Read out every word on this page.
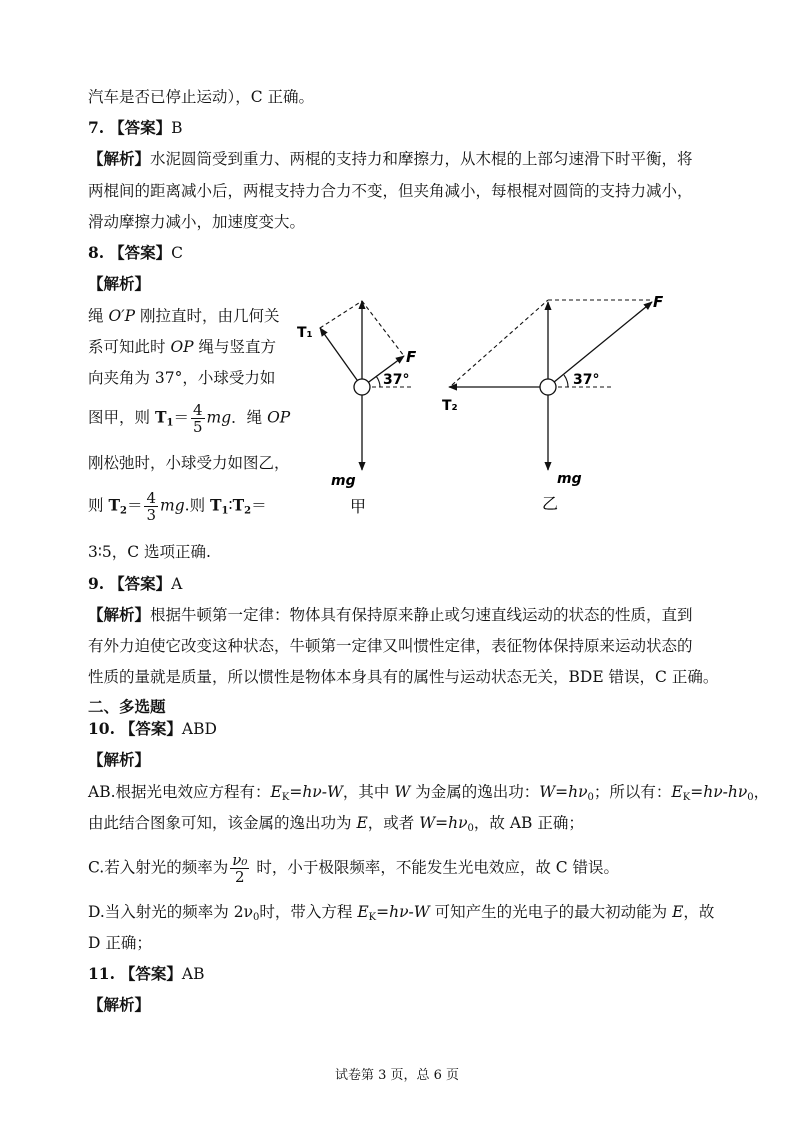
汽车是否已停止运动），C 正确。
7. 【答案】B
【解析】水泥圆筒受到重力、两棍的支持力和摩擦力，从木棍的上部匀速滑下时平衡，将
两棍间的距离减小后，两棍支持力合力不变，但夹角减小，每根棍对圆筒的支持力减小，
滑动摩擦力减小，加速度变大。
8. 【答案】C
【解析】
绳 O′P 刚拉直时，由几何关
系可知此时 OP 绳与竖直方
向夹角为 37°，小球受力如
图甲，则 $T_1= \frac{4}{5}$ mg．绳 OP
刚松弛时，小球受力如图乙，
则 $T_2= \frac{4}{3}$ mg.则 $T_1∶T_2=$
3∶5，C 选项正确.
9. 【答案】A
【解析】根据牛顿第一定律：物体具有保持原来静止或匀速直线运动的状态的性质，直到
有外力迫使它改变这种状态，牛顿第一定律又叫惯性定律，表征物体保持原来运动状态的
性质的量就是质量，所以惯性是物体本身具有的属性与运动状态无关，BDE 错误，C 正确。
二、多选题
10. 【答案】ABD
【解析】
AB.根据光电效应方程有：$E_K=h\nu-W$，其中 W 为金属的逸出功：$W=h\nu_0$；所以有：$E_K=h\nu-h\nu_0$，
由此结合图象可知，该金属的逸出功为 E，或者 $W=h\nu_0$，故 AB 正确；
C.若入射光的频率为 $\frac{\text{ν₀}}{2}$ 时，小于极限频率，不能发生光电效应，故 C 错误。
D.当入射光的频率为 $2\nu_0$时，带入方程 $E_K=h\nu-W$ 可知产生的光电子的最大初动能为 E，故
D 正确；
11. 【答案】AB
【解析】
T₁
F
37°
mg
甲
F
T₂
37°
mg
乙
试卷第 3 页，总 6 页
